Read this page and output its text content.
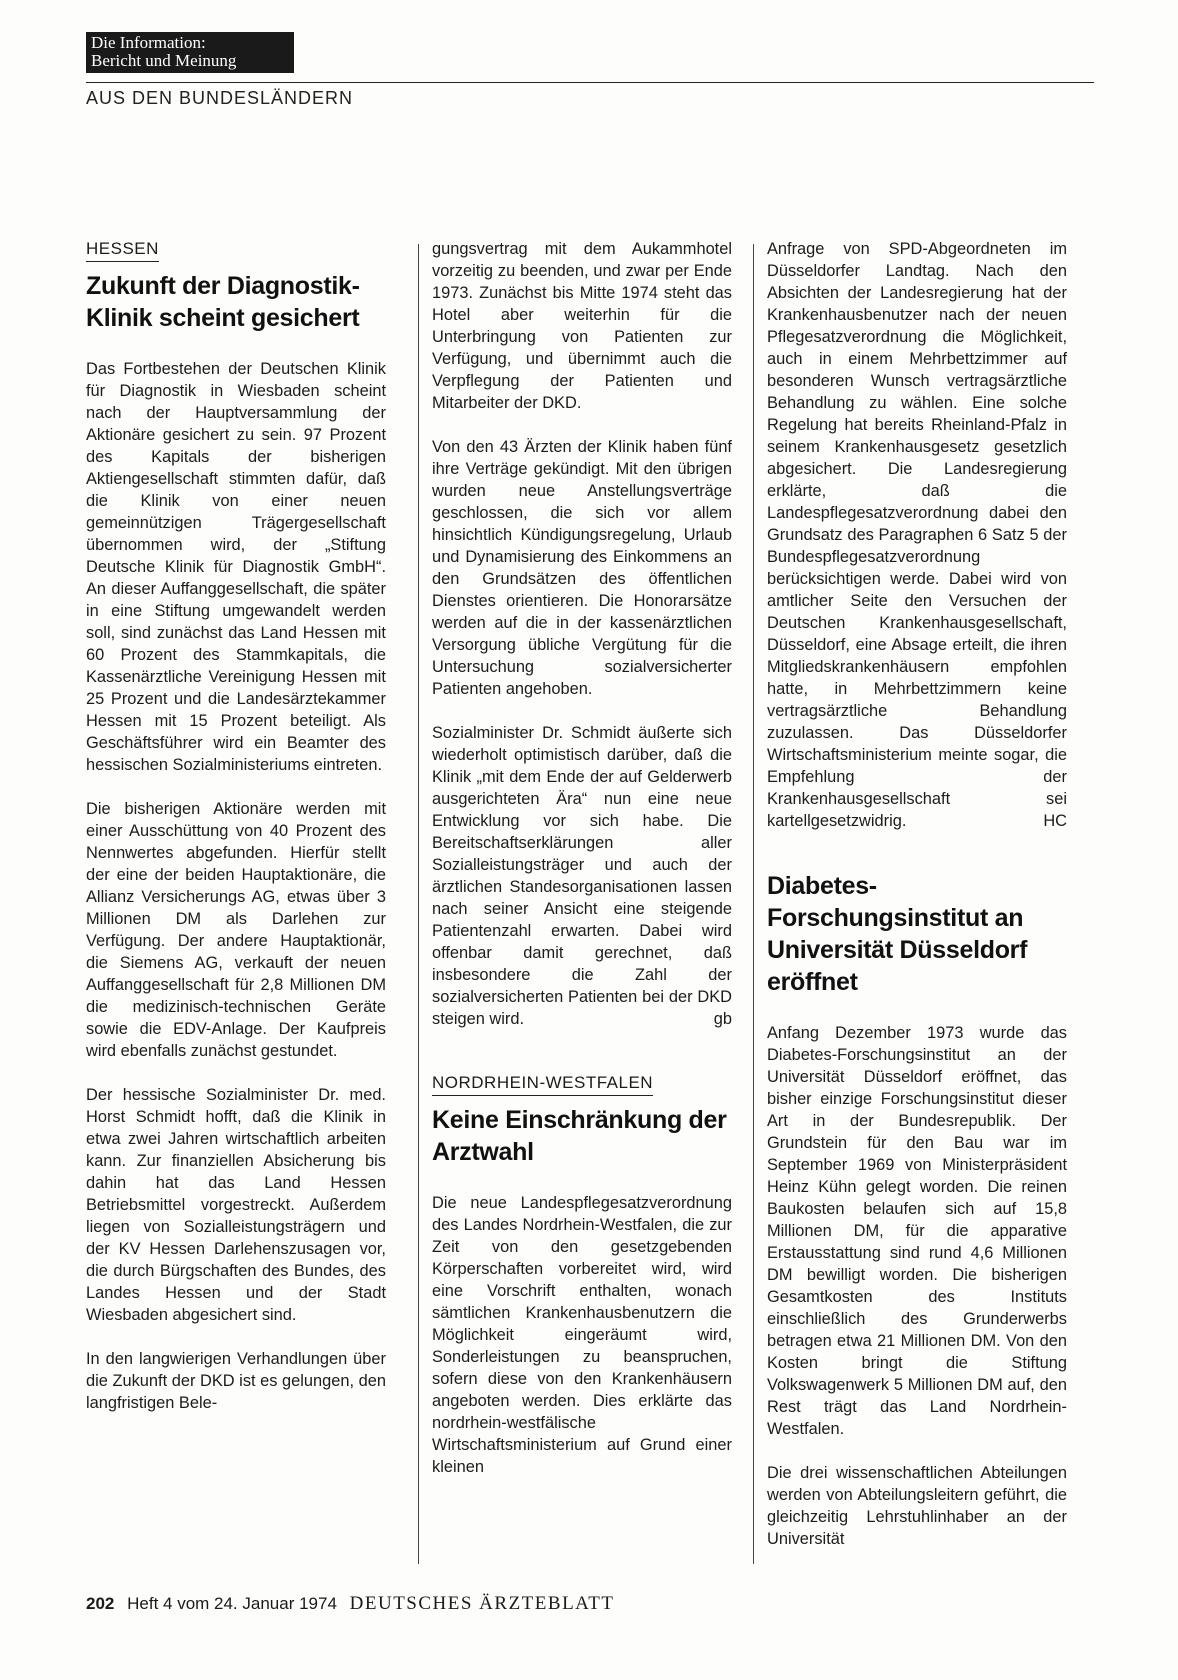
Die Information:
Bericht und Meinung
AUS DEN BUNDESLÄNDERN
HESSEN
Zukunft der Diagnostik-Klinik scheint gesichert

Das Fortbestehen der Deutschen Klinik für Diagnostik in Wiesbaden scheint nach der Hauptversammlung der Aktionäre gesichert zu sein. 97 Prozent des Kapitals der bisherigen Aktiengesellschaft stimmten dafür, daß die Klinik von einer neuen gemeinnützigen Trägergesellschaft übernommen wird, der „Stiftung Deutsche Klinik für Diagnostik GmbH“. An dieser Auffanggesellschaft, die später in eine Stiftung umgewandelt werden soll, sind zunächst das Land Hessen mit 60 Prozent des Stammkapitals, die Kassenärztliche Vereinigung Hessen mit 25 Prozent und die Landesärztekammer Hessen mit 15 Prozent beteiligt. Als Geschäftsführer wird ein Beamter des hessischen Sozialministeriums eintreten.

Die bisherigen Aktionäre werden mit einer Ausschüttung von 40 Prozent des Nennwertes abgefunden. Hierfür stellt der eine der beiden Hauptaktionäre, die Allianz Versicherungs AG, etwas über 3 Millionen DM als Darlehen zur Verfügung. Der andere Hauptaktionär, die Siemens AG, verkauft der neuen Auffanggesellschaft für 2,8 Millionen DM die medizinisch-technischen Geräte sowie die EDV-Anlage. Der Kaufpreis wird ebenfalls zunächst gestundet.

Der hessische Sozialminister Dr. med. Horst Schmidt hofft, daß die Klinik in etwa zwei Jahren wirtschaftlich arbeiten kann. Zur finanziellen Absicherung bis dahin hat das Land Hessen Betriebsmittel vorgestreckt. Außerdem liegen von Sozialleistungsträgern und der KV Hessen Darlehenszusagen vor, die durch Bürgschaften des Bundes, des Landes Hessen und der Stadt Wiesbaden abgesichert sind.

In den langwierigen Verhandlungen über die Zukunft der DKD ist es gelungen, den langfristigen Bele-

gungsvertrag mit dem Aukammhotel vorzeitig zu beenden, und zwar per Ende 1973. Zunächst bis Mitte 1974 steht das Hotel aber weiterhin für die Unterbringung von Patienten zur Verfügung, und übernimmt auch die Verpflegung der Patienten und Mitarbeiter der DKD.

Von den 43 Ärzten der Klinik haben fünf ihre Verträge gekündigt. Mit den übrigen wurden neue Anstellungsverträge geschlossen, die sich vor allem hinsichtlich Kündigungsregelung, Urlaub und Dynamisierung des Einkommens an den Grundsätzen des öffentlichen Dienstes orientieren. Die Honorarsätze werden auf die in der kassenärztlichen Versorgung übliche Vergütung für die Untersuchung sozialversicherter Patienten angehoben.

Sozialminister Dr. Schmidt äußerte sich wiederholt optimistisch darüber, daß die Klinik „mit dem Ende der auf Gelderwerb ausgerichteten Ära“ nun eine neue Entwicklung vor sich habe. Die Bereitschaftserklärungen aller Sozialleistungsträger und auch der ärztlichen Standesorganisationen lassen nach seiner Ansicht eine steigende Patientenzahl erwarten. Dabei wird offenbar damit gerechnet, daß insbesondere die Zahl der sozialversicherten Patienten bei der DKD steigen wird.	gb

NORDRHEIN-WESTFALEN
Keine Einschränkung der Arztwahl

Die neue Landespflegesatzverordnung des Landes Nordrhein-Westfalen, die zur Zeit von den gesetzgebenden Körperschaften vorbereitet wird, wird eine Vorschrift enthalten, wonach sämtlichen Krankenhausbenutzern die Möglichkeit eingeräumt wird, Sonderleistungen zu beanspruchen, sofern diese von den Krankenhäusern angeboten werden. Dies erklärte das nordrhein-westfälische Wirtschaftsministerium auf Grund einer kleinen

Anfrage von SPD-Abgeordneten im Düsseldorfer Landtag. Nach den Absichten der Landesregierung hat der Krankenhausbenutzer nach der neuen Pflegesatzverordnung die Möglichkeit, auch in einem Mehrbettzimmer auf besonderen Wunsch vertragsärztliche Behandlung zu wählen. Eine solche Regelung hat bereits Rheinland-Pfalz in seinem Krankenhausgesetz gesetzlich abgesichert. Die Landesregierung erklärte, daß die Landespflegesatzverordnung dabei den Grundsatz des Paragraphen 6 Satz 5 der Bundespflegesatzverordnung berücksichtigen werde. Dabei wird von amtlicher Seite den Versuchen der Deutschen Krankenhausgesellschaft, Düsseldorf, eine Absage erteilt, die ihren Mitgliedskrankenhäusern empfohlen hatte, in Mehrbettzimmern keine vertragsärztliche Behandlung zuzulassen. Das Düsseldorfer Wirtschaftsministerium meinte sogar, die Empfehlung der Krankenhausgesellschaft sei kartellgesetzwidrig.	HC

Diabetes-Forschungsinstitut an Universität Düsseldorf eröffnet

Anfang Dezember 1973 wurde das Diabetes-Forschungsinstitut an der Universität Düsseldorf eröffnet, das bisher einzige Forschungsinstitut dieser Art in der Bundesrepublik. Der Grundstein für den Bau war im September 1969 von Ministerpräsident Heinz Kühn gelegt worden. Die reinen Baukosten belaufen sich auf 15,8 Millionen DM, für die apparative Erstausstattung sind rund 4,6 Millionen DM bewilligt worden. Die bisherigen Gesamtkosten des Instituts einschließlich des Grunderwerbs betragen etwa 21 Millionen DM. Von den Kosten bringt die Stiftung Volkswagenwerk 5 Millionen DM auf, den Rest trägt das Land Nordrhein-Westfalen.

Die drei wissenschaftlichen Abteilungen werden von Abteilungsleitern geführt, die gleichzeitig Lehrstuhlinhaber an der Universität

202 Heft 4 vom 24. Januar 1974 DEUTSCHES ÄRZTEBLATT
